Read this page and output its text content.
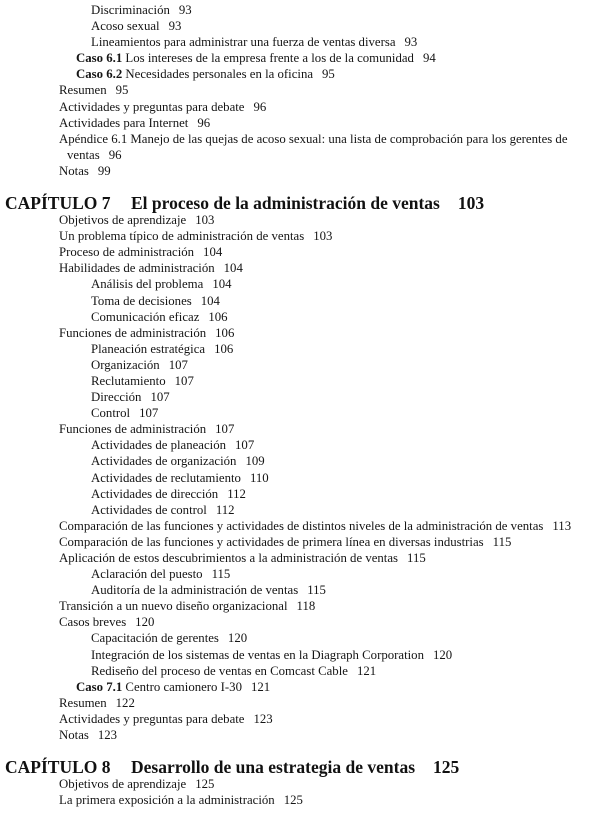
Discriminación 93
Acoso sexual 93
Lineamientos para administrar una fuerza de ventas diversa 93
Caso 6.1 Los intereses de la empresa frente a los de la comunidad 94
Caso 6.2 Necesidades personales en la oficina 95
Resumen 95
Actividades y preguntas para debate 96
Actividades para Internet 96
Apéndice 6.1 Manejo de las quejas de acoso sexual: una lista de comprobación para los gerentes de ventas 96
Notas 99
CAPÍTULO 7 El proceso de la administración de ventas 103
Objetivos de aprendizaje 103
Un problema típico de administración de ventas 103
Proceso de administración 104
Habilidades de administración 104
Análisis del problema 104
Toma de decisiones 104
Comunicación eficaz 106
Funciones de administración 106
Planeación estratégica 106
Organización 107
Reclutamiento 107
Dirección 107
Control 107
Funciones de administración 107
Actividades de planeación 107
Actividades de organización 109
Actividades de reclutamiento 110
Actividades de dirección 112
Actividades de control 112
Comparación de las funciones y actividades de distintos niveles de la administración de ventas 113
Comparación de las funciones y actividades de primera línea en diversas industrias 115
Aplicación de estos descubrimientos a la administración de ventas 115
Aclaración del puesto 115
Auditoría de la administración de ventas 115
Transición a un nuevo diseño organizacional 118
Casos breves 120
Capacitación de gerentes 120
Integración de los sistemas de ventas en la Diagraph Corporation 120
Rediseño del proceso de ventas en Comcast Cable 121
Caso 7.1 Centro camionero I-30 121
Resumen 122
Actividades y preguntas para debate 123
Notas 123
CAPÍTULO 8 Desarrollo de una estrategia de ventas 125
Objetivos de aprendizaje 125
La primera exposición a la administración 125
